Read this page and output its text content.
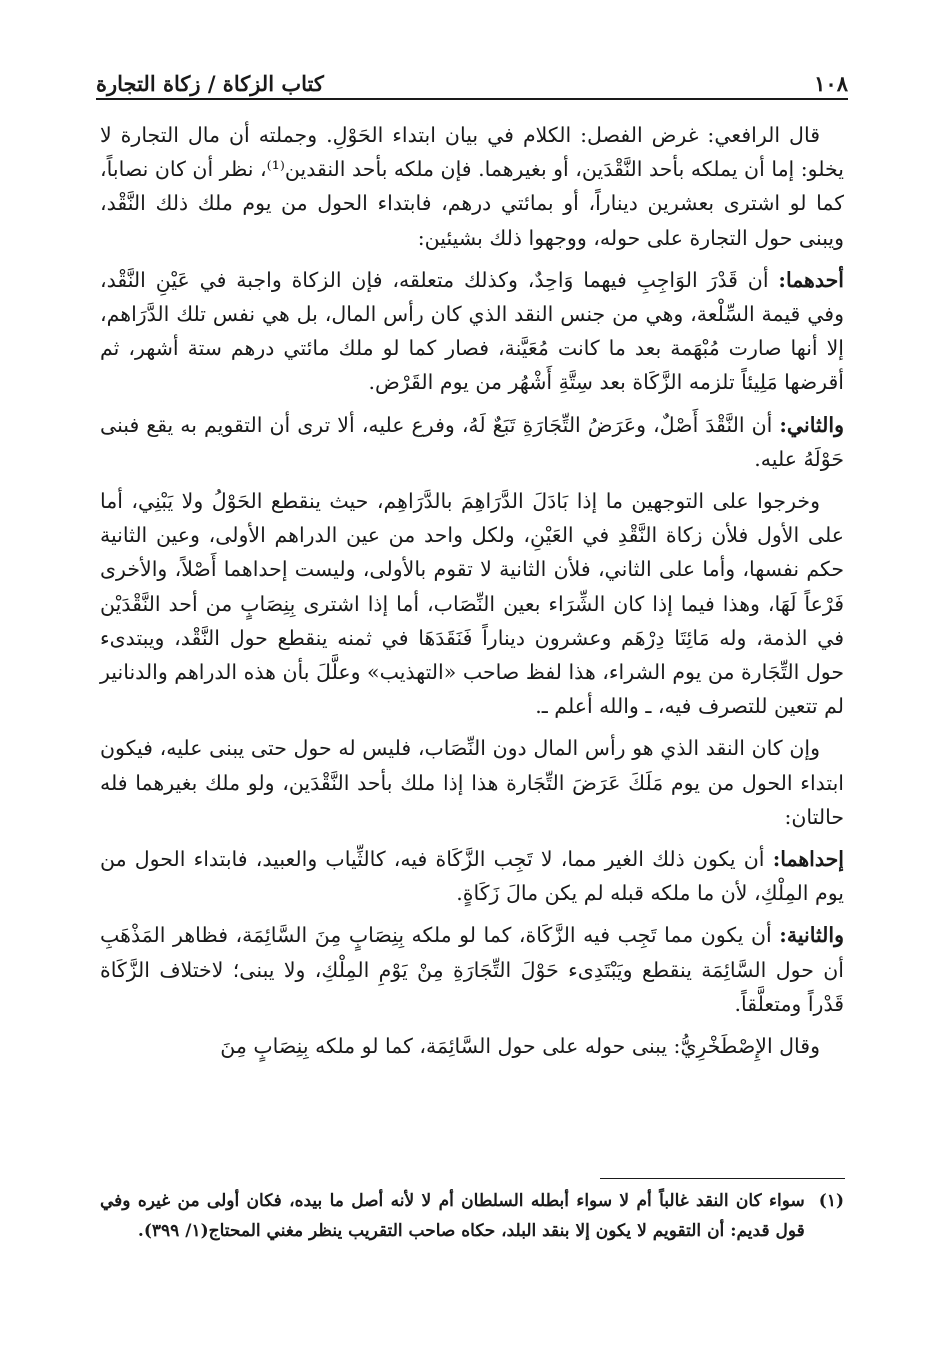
١٠٨
كتاب الزكاة / زكاة التجارة

قال الرافعي: غرض الفصل: الكلام في بيان ابتداء الحَوْلِ. وجملته أن مال التجارة لا يخلو: إما أن يملكه بأحد النَّقْدَين، أو بغيرهما. فإن ملكه بأحد النقدين⁽¹⁾، نظر أن كان نصاباً، كما لو اشترى بعشرين ديناراً، أو بمائتي درهم، فابتداء الحول من يوم ملك ذلك النَّقْد، ويبنى حول التجارة على حوله، ووجهوا ذلك بشيئين:

أحدهما: أن قَدْرَ الوَاجِبِ فيهما وَاحِدٌ، وكذلك متعلقه، فإن الزكاة واجبة في عَيْنِ النَّقْد، وفي قيمة السِّلْعة، وهي من جنس النقد الذي كان رأس المال، بل هي نفس تلك الدَّرَاهم، إلا أنها صارت مُبْهَمة بعد ما كانت مُعَيَّنة، فصار كما لو ملك مائتي درهم ستة أشهر، ثم أقرضها مَلِيئاً تلزمه الزَّكَاة بعد سِتَّةِ أَشْهُر من يوم القَرْض.

والثاني: أن النَّقْدَ أَصْلٌ، وعَرَضُ التِّجَارَةِ تَبَعٌ لَهُ، وفرع عليه، ألا ترى أن التقويم به يقع فبنى حَوْلَهُ عليه.

وخرجوا على التوجهين ما إذا بَادَلَ الدَّرَاهِمَ بالدَّرَاهِم، حيث ينقطع الحَوْلُ ولا يَبْنِي، أما على الأول فلأن زكاة النَّقْدِ في العَيْنِ، ولكل واحد من عين الدراهم الأولى، وعين الثانية حكم نفسها، وأما على الثاني، فلأن الثانية لا تقوم بالأولى، وليست إحداهما أَصْلاً، والأخرى فَرْعاً لَهَا، وهذا فيما إذا كان الشِّرَاء بعين النِّصَاب، أما إذا اشترى بِنِصَابٍ من أحد النَّقْدَيْن في الذمة، وله مَائِتَا دِرْهَم وعشرون ديناراً فَنَقَدَهَا في ثمنه ينقطع حول النَّقْد، ويبتدىء حول التِّجَارة من يوم الشراء، هذا لفظ صاحب «التهذيب» وعلَّلَ بأن هذه الدراهم والدنانير لم تتعين للتصرف فيه، ـ والله أعلم ـ.

وإن كان النقد الذي هو رأس المال دون النِّصَاب، فليس له حول حتى يبنى عليه، فيكون ابتداء الحول من يوم مَلَكَ عَرَضَ التِّجَارة هذا إذا ملك بأحد النَّقْدَين، ولو ملك بغيرهما فله حالتان:

إحداهما: أن يكون ذلك الغير مما، لا تَجِب الزَّكَاة فيه، كالثِّياب والعبيد، فابتداء الحول من يوم المِلْكِ، لأن ما ملكه قبله لم يكن مالَ زَكَاةٍ.

والثانية: أن يكون مما تَجِب فيه الزَّكَاة، كما لو ملكه بِنِصَابٍ مِنَ السَّائِمَة، فظاهر المَذْهَبِ أن حول السَّائِمَة ينقطع ويَبْتَدِىء حَوْلَ التِّجَارَةِ مِنْ يَوْمِ المِلْكِ، ولا يبنى؛ لاختلاف الزَّكَاة قَدْراً ومتعلَّقاً.

وقال الإِصْطَخْرِيُّ: يبنى حوله على حول السَّائِمَة، كما لو ملكه بِنِصَابٍ مِنَ

(١)
سواء كان النقد غالباً أم لا سواء أبطله السلطان أم لا لأنه أصل ما بيده، فكان أولى من غيره وفي قول قديم: أن التقويم لا يكون إلا بنقد البلد، حكاه صاحب التقريب ينظر مغني المحتاج(١/ ٣٩٩).
